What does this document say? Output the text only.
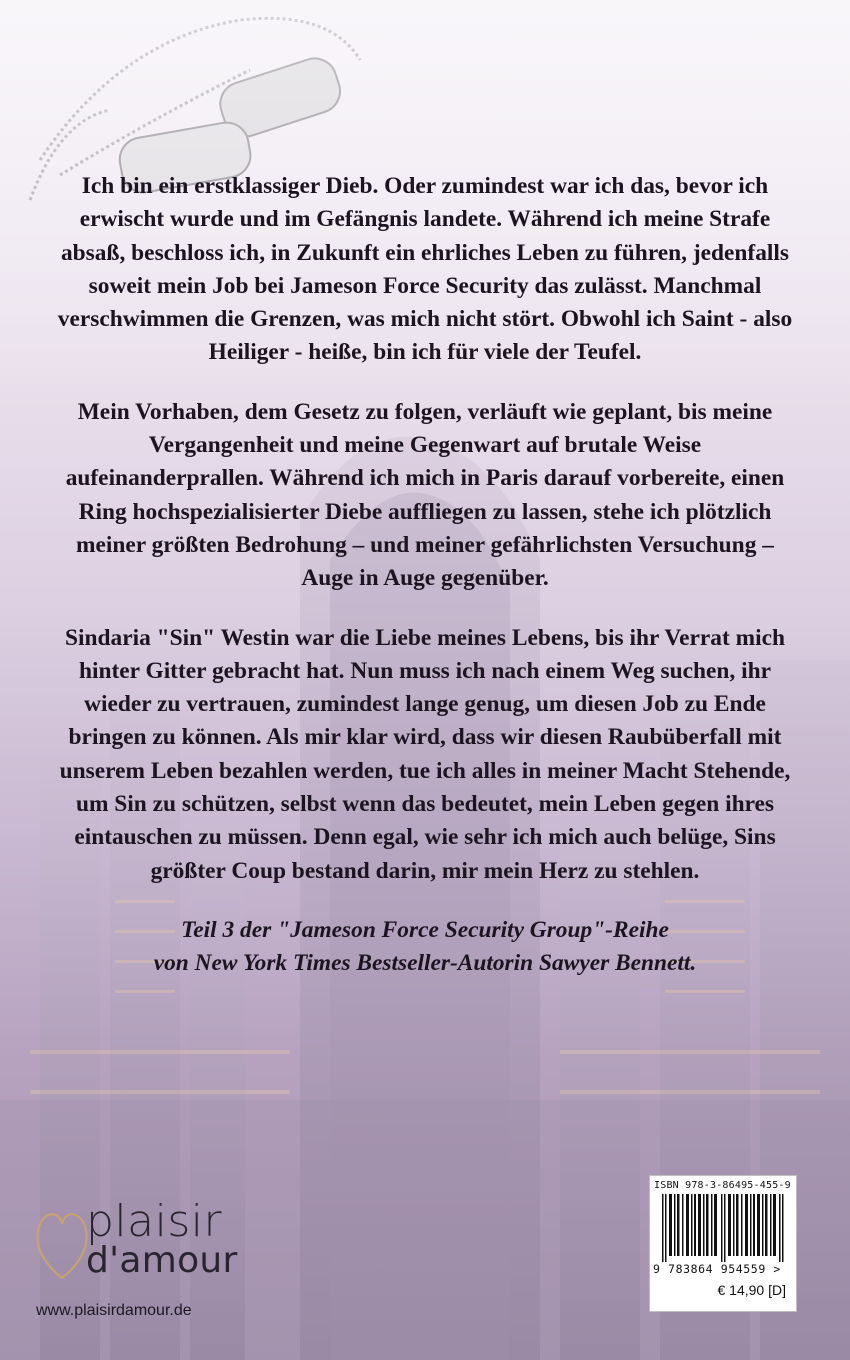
Ich bin ein erstklassiger Dieb. Oder zumindest war ich das, bevor ich erwischt wurde und im Gefängnis landete. Während ich meine Strafe absaß, beschloss ich, in Zukunft ein ehrliches Leben zu führen, jedenfalls soweit mein Job bei Jameson Force Security das zulässt. Manchmal verschwimmen die Grenzen, was mich nicht stört. Obwohl ich Saint - also Heiliger - heiße, bin ich für viele der Teufel.

Mein Vorhaben, dem Gesetz zu folgen, verläuft wie geplant, bis meine Vergangenheit und meine Gegenwart auf brutale Weise aufeinanderprallen. Während ich mich in Paris darauf vorbereite, einen Ring hochspezialisierter Diebe auffliegen zu lassen, stehe ich plötzlich meiner größten Bedrohung – und meiner gefährlichsten Versuchung – Auge in Auge gegenüber.

Sindaria "Sin" Westin war die Liebe meines Lebens, bis ihr Verrat mich hinter Gitter gebracht hat. Nun muss ich nach einem Weg suchen, ihr wieder zu vertrauen, zumindest lange genug, um diesen Job zu Ende bringen zu können. Als mir klar wird, dass wir diesen Raubüberfall mit unserem Leben bezahlen werden, tue ich alles in meiner Macht Stehende, um Sin zu schützen, selbst wenn das bedeutet, mein Leben gegen ihres eintauschen zu müssen. Denn egal, wie sehr ich mich auch belüge, Sins größter Coup bestand darin, mir mein Herz zu stehlen.

Teil 3 der "Jameson Force Security Group"-Reihe
von New York Times Bestseller-Autorin Sawyer Bennett.
plaisir
d'amour
www.plaisirdamour.de
ISBN 978-3-86495-455-9
9 783864 954559 >
€ 14,90 [D]
